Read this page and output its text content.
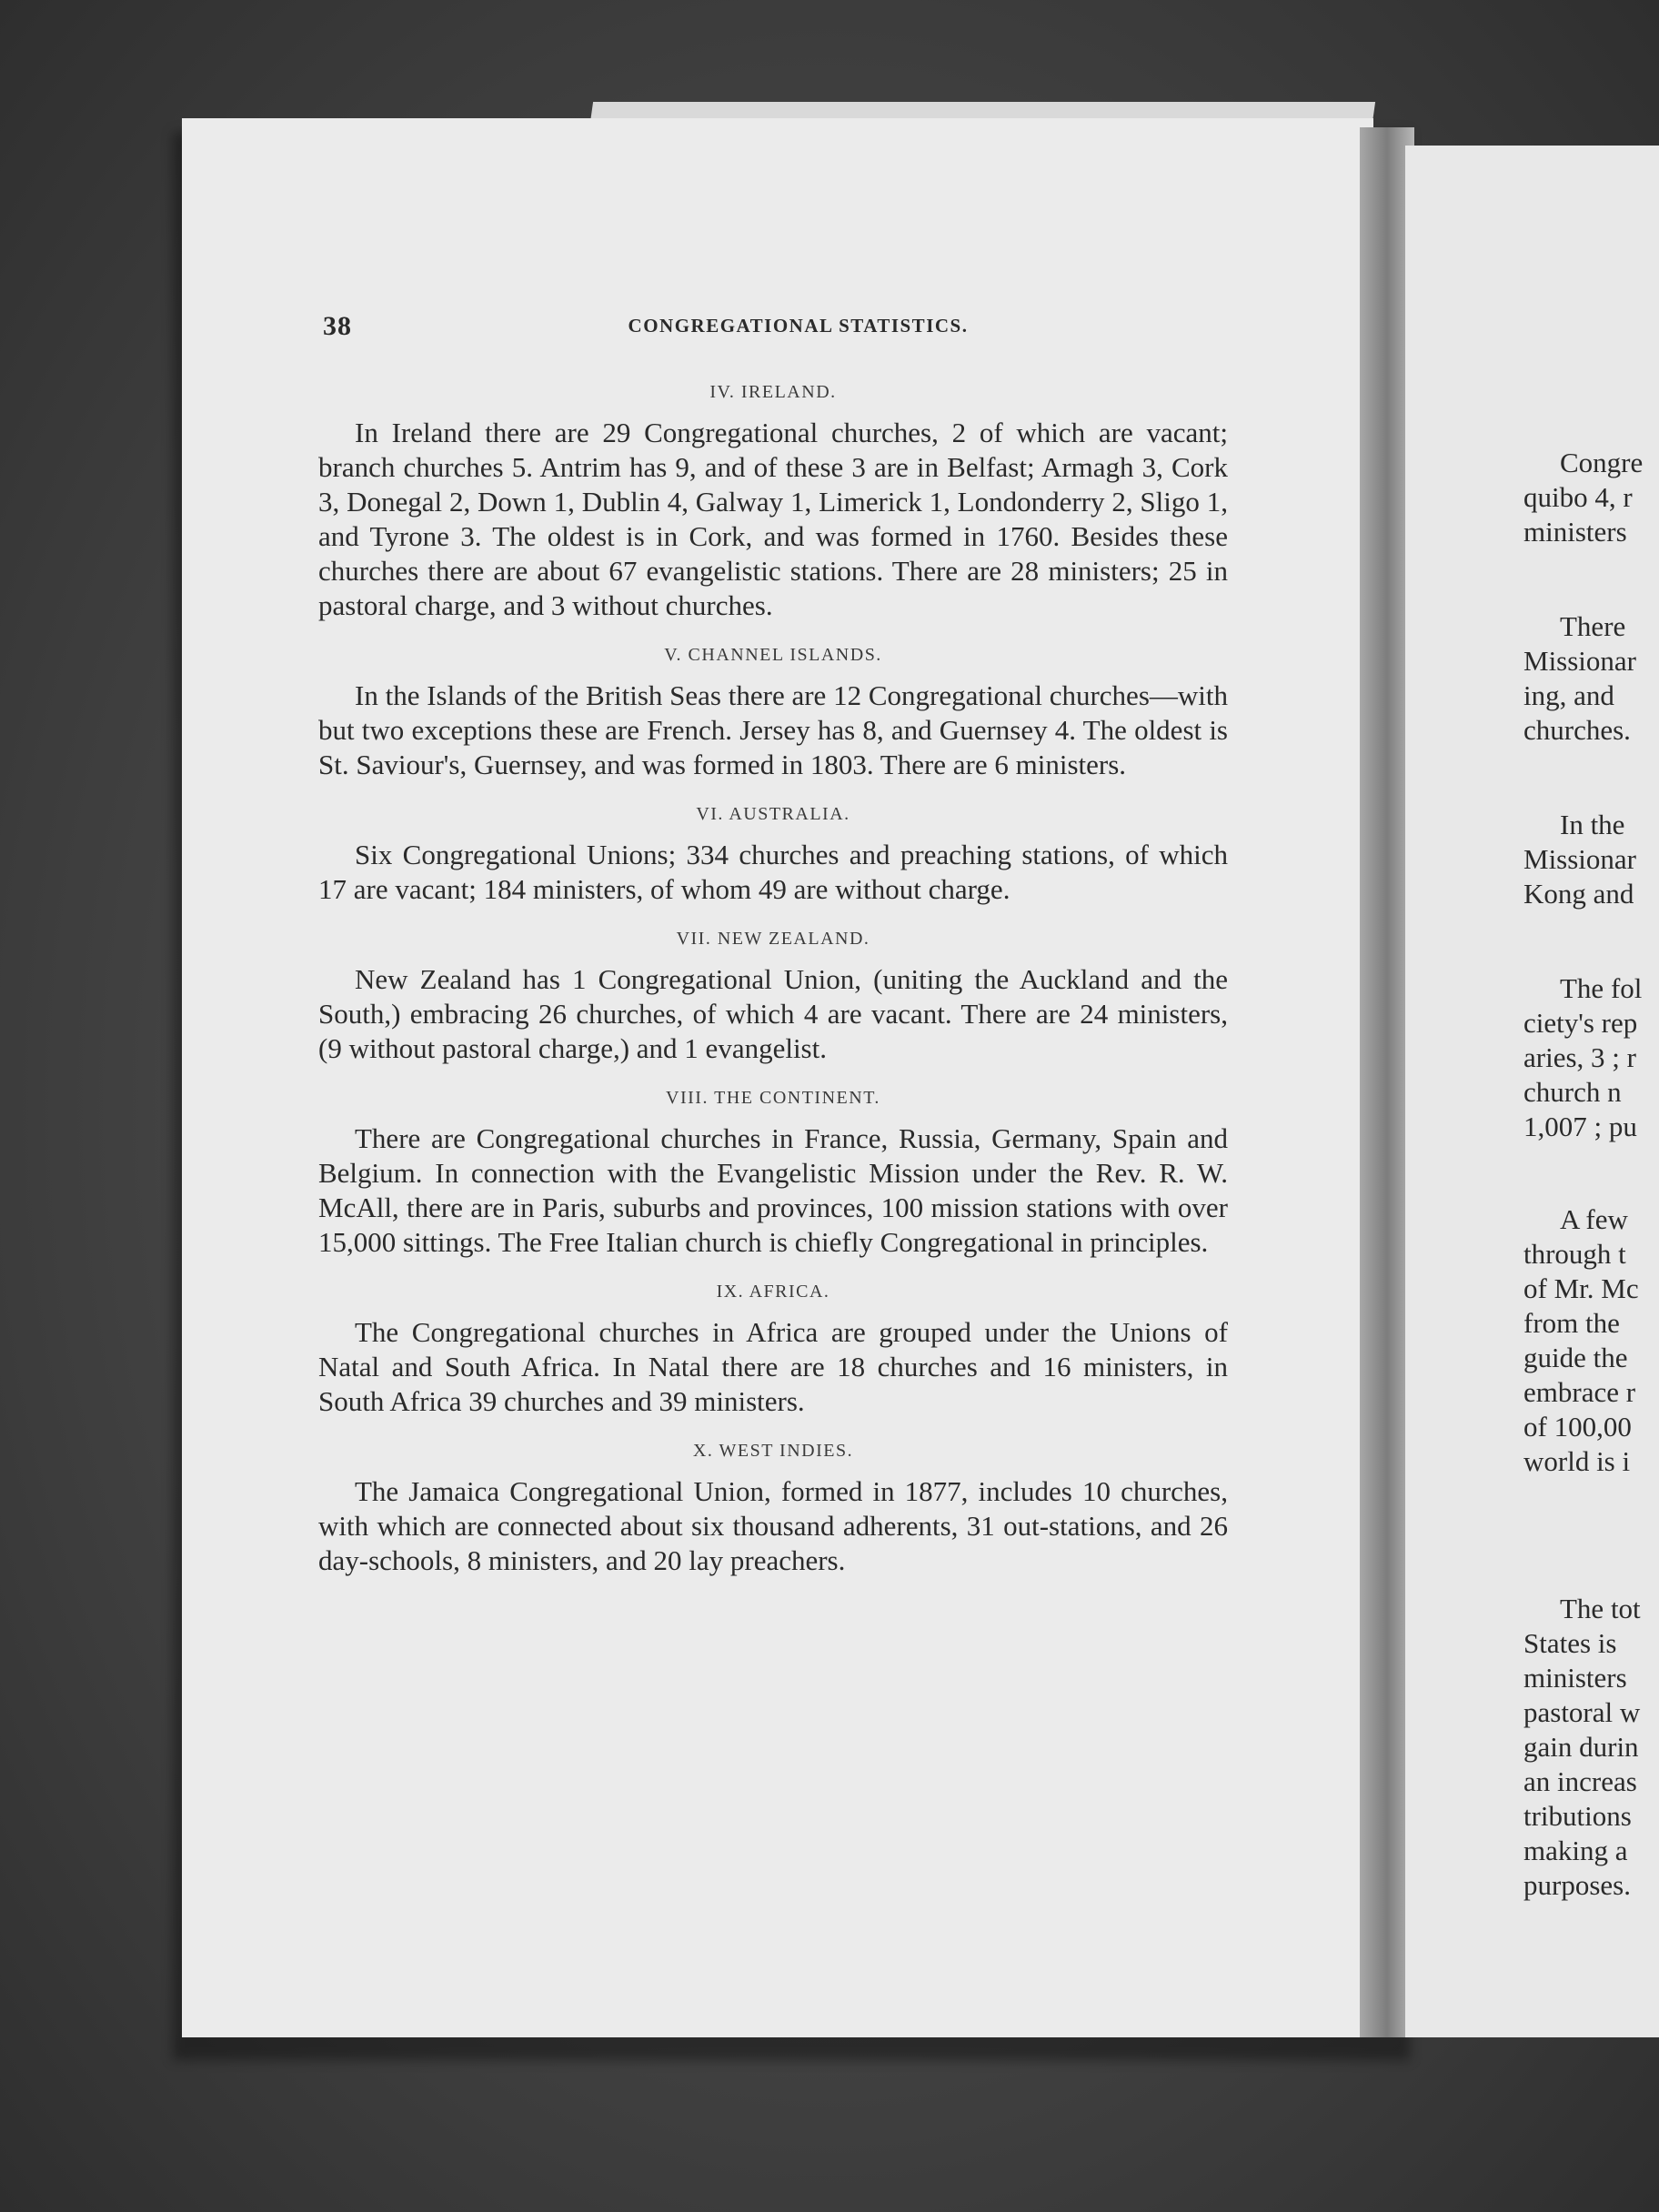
38	CONGREGATIONAL STATISTICS.
IV. IRELAND.

In Ireland there are 29 Congregational churches, 2 of which are vacant; branch churches 5. Antrim has 9, and of these 3 are in Belfast; Armagh 3, Cork 3, Donegal 2, Down 1, Dublin 4, Galway 1, Limerick 1, Londonderry 2, Sligo 1, and Tyrone 3. The oldest is in Cork, and was formed in 1760. Besides these churches there are about 67 evangelistic stations. There are 28 ministers; 25 in pastoral charge, and 3 without churches.

V. CHANNEL ISLANDS.

In the Islands of the British Seas there are 12 Congregational churches—with but two exceptions these are French. Jersey has 8, and Guernsey 4. The oldest is St. Saviour's, Guernsey, and was formed in 1803. There are 6 ministers.

VI. AUSTRALIA.

Six Congregational Unions; 334 churches and preaching stations, of which 17 are vacant; 184 ministers, of whom 49 are without charge.

VII. NEW ZEALAND.

New Zealand has 1 Congregational Union, (uniting the Auckland and the South,) embracing 26 churches, of which 4 are vacant. There are 24 ministers, (9 without pastoral charge,) and 1 evangelist.

VIII. THE CONTINENT.

There are Congregational churches in France, Russia, Germany, Spain and Belgium. In connection with the Evangelistic Mission under the Rev. R. W. McAll, there are in Paris, suburbs and provinces, 100 mission stations with over 15,000 sittings. The Free Italian church is chiefly Congregational in principles.

IX. AFRICA.

The Congregational churches in Africa are grouped under the Unions of Natal and South Africa. In Natal there are 18 churches and 16 ministers, in South Africa 39 churches and 39 ministers.

X. WEST INDIES.

The Jamaica Congregational Union, formed in 1877, includes 10 churches, with which are connected about six thousand adherents, 31 out-stations, and 26 day-schools, 8 ministers, and 20 lay preachers.

Congre
quibo 4, r
ministers
There
Missionar
ing, and
churches.
In the
Missionar
Kong and
The fol
ciety's rep
aries, 3 ; r
church n
1,007 ; pu
A few
through t
of Mr. Mc
from the
guide the
embrace r
of 100,00
world is i
The tot
States is
ministers
pastoral w
gain durin
an increas
tributions
making a
purposes.
